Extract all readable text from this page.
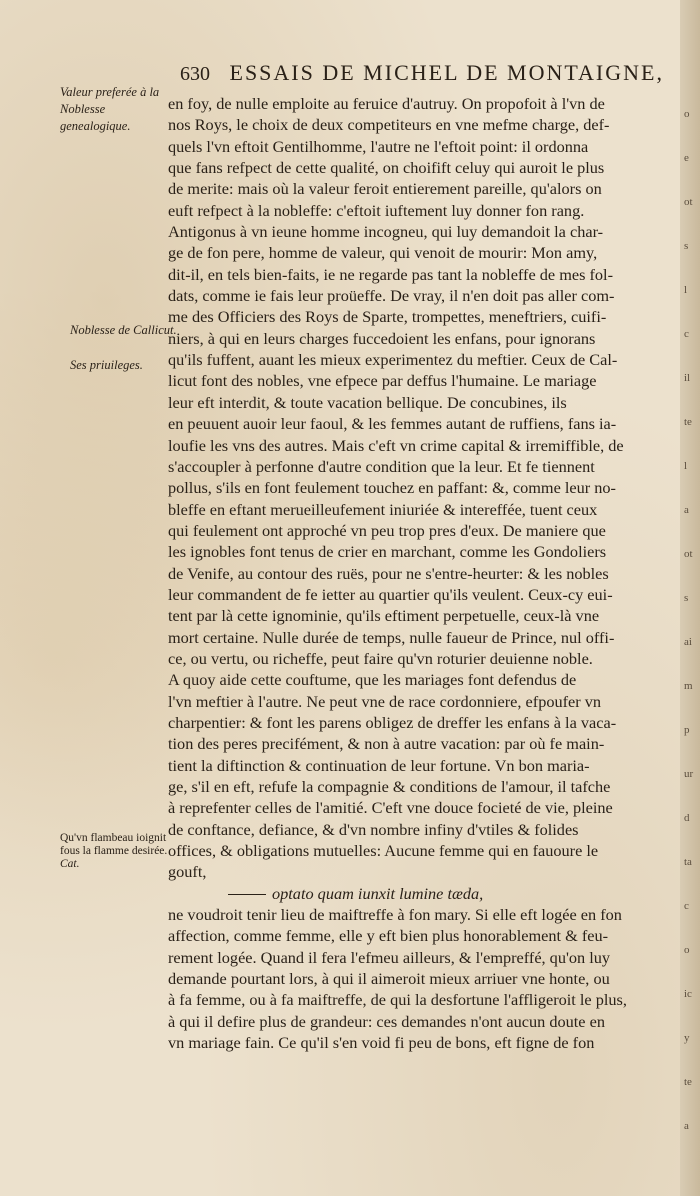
o
e
ot
s
l
c
il
te
l
a
ot
s
ai
m
p
ur
d
ta
c
o
ic
y
te
a
630 ESSAIS DE MICHEL DE MONTAIGNE,
Valeur preferée à la Noblesse genealogique.
Noblesse de Callicut.
Ses priuileges.
Qu'vn flambeau ioignit fous la flamme desirée.
Cat.
en foy, de nulle emploite au feruice d'autruy. On propofoit à l'vn de
nos Roys, le choix de deux competiteurs en vne mefme charge, def-
quels l'vn eftoit Gentilhomme, l'autre ne l'eftoit point: il ordonna
que fans refpect de cette qualité, on choifift celuy qui auroit le plus
de merite: mais où la valeur feroit entierement pareille, qu'alors on
euft refpect à la nobleffe: c'eftoit iuftement luy donner fon rang.
Antigonus à vn ieune homme incogneu, qui luy demandoit la char-
ge de fon pere, homme de valeur, qui venoit de mourir: Mon amy,
dit-il, en tels bien-faits, ie ne regarde pas tant la nobleffe de mes fol-
dats, comme ie fais leur proüeffe. De vray, il n'en doit pas aller com-
me des Officiers des Roys de Sparte, trompettes, meneftriers, cuifi-
niers, à qui en leurs charges fuccedoient les enfans, pour ignorans
qu'ils fuffent, auant les mieux experimentez du meftier. Ceux de Cal-
licut font des nobles, vne efpece par deffus l'humaine. Le mariage
leur eft interdit, & toute vacation bellique. De concubines, ils
en peuuent auoir leur faoul, & les femmes autant de ruffiens, fans ia-
loufie les vns des autres. Mais c'eft vn crime capital & irremiffible, de
s'accoupler à perfonne d'autre condition que la leur. Et fe tiennent
pollus, s'ils en font feulement touchez en paffant: &, comme leur no-
bleffe en eftant merueilleufement iniuriée & intereffée, tuent ceux
qui feulement ont approché vn peu trop pres d'eux. De maniere que
les ignobles font tenus de crier en marchant, comme les Gondoliers
de Venife, au contour des ruës, pour ne s'entre-heurter: & les nobles
leur commandent de fe ietter au quartier qu'ils veulent. Ceux-cy eui-
tent par là cette ignominie, qu'ils eftiment perpetuelle, ceux-là vne
mort certaine. Nulle durée de temps, nulle faueur de Prince, nul offi-
ce, ou vertu, ou richeffe, peut faire qu'vn roturier deuienne noble.
A quoy aide cette couftume, que les mariages font defendus de
l'vn meftier à l'autre. Ne peut vne de race cordonniere, efpoufer vn
charpentier: & font les parens obligez de dreffer les enfans à la vaca-
tion des peres precifément, & non à autre vacation: par où fe main-
tient la diftinction & continuation de leur fortune. Vn bon maria-
ge, s'il en eft, refufe la compagnie & conditions de l'amour, il tafche
à reprefenter celles de l'amitié. C'eft vne douce focieté de vie, pleine
de conftance, defiance, & d'vn nombre infiny d'vtiles & folides
offices, & obligations mutuelles: Aucune femme qui en fauoure le
gouft,
optato quam iunxit lumine tæda,
ne voudroit tenir lieu de maiftreffe à fon mary. Si elle eft logée en fon
affection, comme femme, elle y eft bien plus honorablement & feu-
rement logée. Quand il fera l'efmeu ailleurs, & l'empreffé, qu'on luy
demande pourtant lors, à qui il aimeroit mieux arriuer vne honte, ou
à fa femme, ou à fa maiftreffe, de qui la desfortune l'affligeroit le plus,
à qui il defire plus de grandeur: ces demandes n'ont aucun doute en
vn mariage fain. Ce qu'il s'en void fi peu de bons, eft figne de fon
